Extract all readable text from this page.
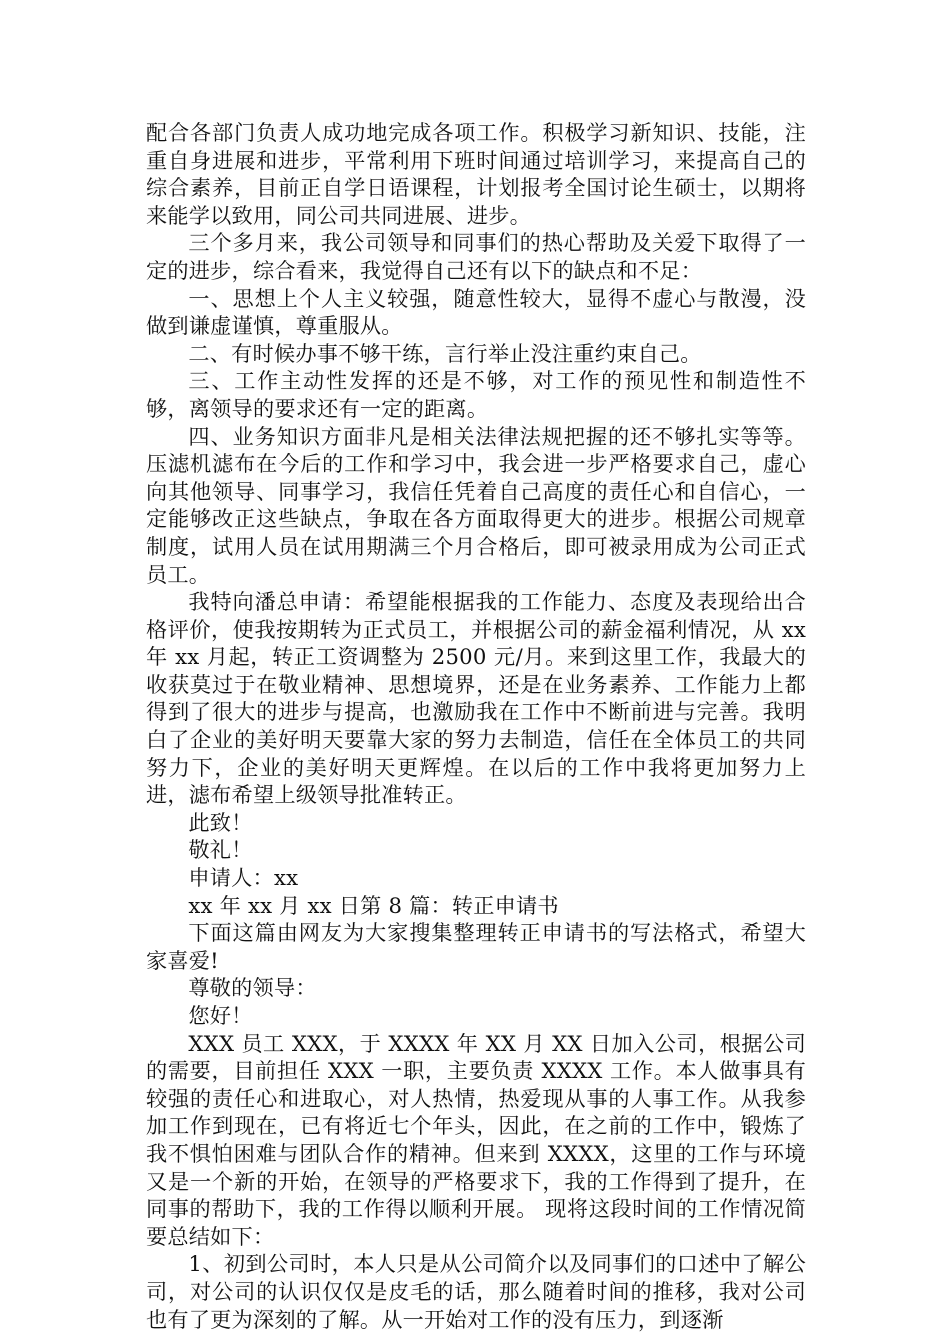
配合各部门负责人成功地完成各项工作。积极学习新知识、技能，注重自身进展和进步，平常利用下班时间通过培训学习，来提高自己的综合素养，目前正自学日语课程，计划报考全国讨论生硕士，以期将来能学以致用，同公司共同进展、进步。

三个多月来，我公司领导和同事们的热心帮助及关爱下取得了一定的进步，综合看来，我觉得自己还有以下的缺点和不足：

一、思想上个人主义较强，随意性较大，显得不虚心与散漫，没做到谦虚谨慎，尊重服从。

二、有时候办事不够干练，言行举止没注重约束自己。

三、工作主动性发挥的还是不够，对工作的预见性和制造性不够，离领导的要求还有一定的距离。

四、业务知识方面非凡是相关法律法规把握的还不够扎实等等。压滤机滤布在今后的工作和学习中，我会进一步严格要求自己，虚心向其他领导、同事学习，我信任凭着自己高度的责任心和自信心，一定能够改正这些缺点，争取在各方面取得更大的进步。根据公司规章制度，试用人员在试用期满三个月合格后，即可被录用成为公司正式员工。

我特向潘总申请：希望能根据我的工作能力、态度及表现给出合格评价，使我按期转为正式员工，并根据公司的薪金福利情况，从 xx 年 xx 月起，转正工资调整为 2500 元/月。来到这里工作，我最大的收获莫过于在敬业精神、思想境界，还是在业务素养、工作能力上都得到了很大的进步与提高，也激励我在工作中不断前进与完善。我明白了企业的美好明天要靠大家的努力去制造，信任在全体员工的共同努力下，企业的美好明天更辉煌。在以后的工作中我将更加努力上进，滤布希望上级领导批准转正。

此致！

敬礼！

申请人：xx

xx 年 xx 月 xx 日第 8 篇：转正申请书

下面这篇由网友为大家搜集整理转正申请书的写法格式，希望大家喜爱!

尊敬的领导：

您好！

XXX 员工 XXX，于 XXXX 年 XX 月 XX 日加入公司，根据公司的需要，目前担任 XXX 一职，主要负责 XXXX 工作。本人做事具有较强的责任心和进取心，对人热情，热爱现从事的人事工作。从我参加工作到现在，已有将近七个年头，因此，在之前的工作中，锻炼了我不惧怕困难与团队合作的精神。但来到 XXXX，这里的工作与环境又是一个新的开始，在领导的严格要求下，我的工作得到了提升，在同事的帮助下，我的工作得以顺利开展。 现将这段时间的工作情况简要总结如下：

1、初到公司时，本人只是从公司简介以及同事们的口述中了解公司，对公司的认识仅仅是皮毛的话，那么随着时间的推移，我对公司也有了更为深刻的了解。从一开始对工作的没有压力，到逐渐
